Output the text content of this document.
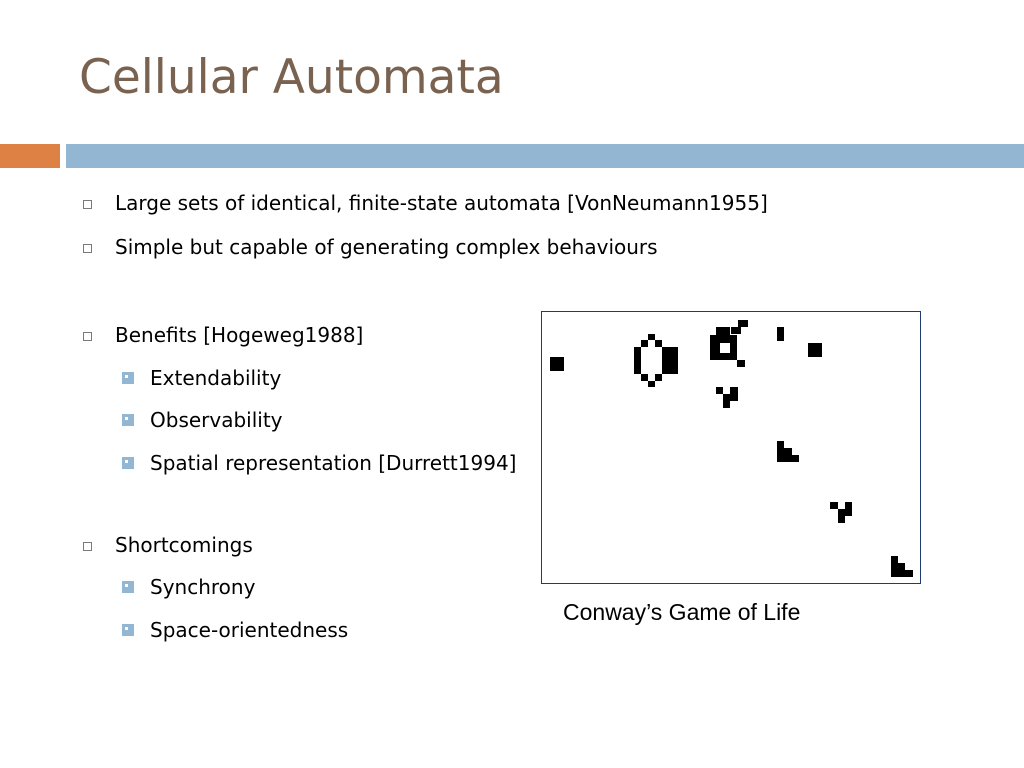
Cellular Automata
Large sets of identical, finite-state automata [VonNeumann1955]
Simple but capable of generating complex behaviours
Benefits [Hogeweg1988]
Extendability
Observability
Spatial representation [Durrett1994]
Shortcomings
Synchrony
Space-orientedness
Conway’s Game of Life
